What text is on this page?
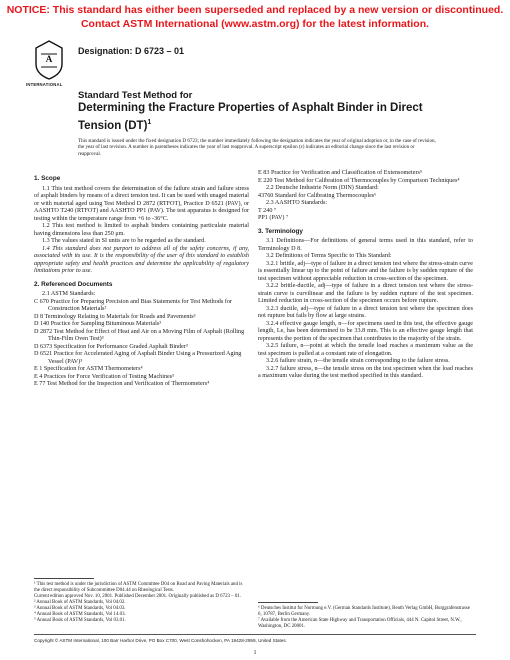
NOTICE: This standard has either been superseded and replaced by a new version or discontinued.
Contact ASTM International (www.astm.org) for the latest information.
A
INTERNATIONAL
Designation: D 6723 – 01
Standard Test Method for
Determining the Fracture Properties of Asphalt Binder in Direct Tension (DT)$^1$
This standard is issued under the fixed designation D 6723; the number immediately following the designation indicates the year of original adoption or, in the case of revision, the year of last revision. A number in parentheses indicates the year of last reapproval. A superscript epsilon (ε) indicates an editorial change since the last revision or reapproval.
1. Scope

1.1 This test method covers the determination of the failure strain and failure stress of asphalt binders by means of a direct tension test. It can be used with unaged material or with material aged using Test Method D 2872 (RTFOT), Practice D 6521 (PAV), or AASHTO T240 (RTFOT) and AASHTO PP1 (PAV). The test apparatus is designed for testing within the temperature range from +6 to -36°C.

1.2 This test method is limited to asphalt binders containing particulate material having dimensions less than 250 μm.

1.3 The values stated in SI units are to be regarded as the standard.

1.4 This standard does not purport to address all of the safety concerns, if any, associated with its use. It is the responsibility of the user of this standard to establish appropriate safety and health practices and determine the applicability of regulatory limitations prior to use.

2. Referenced Documents

2.1 ASTM Standards:

C 670 Practice for Preparing Precision and Bias Statements for Test Methods for Construction Materials²

D 8 Terminology Relating to Materials for Roads and Pavements³

D 140 Practice for Sampling Bituminous Materials³

D 2872 Test Method for Effect of Heat and Air on a Moving Film of Asphalt (Rolling Thin-Film Oven Test)³

D 6373 Specification for Performance Graded Asphalt Binder³

D 6521 Practice for Accelerated Aging of Asphalt Binder Using a Pressurized Aging Vessel (PAV)³

E 1 Specification for ASTM Thermometers⁴

E 4 Practices for Force Verification of Testing Machines⁵

E 77 Test Method for the Inspection and Verification of Thermometers⁴

¹ This test method is under the jurisdiction of ASTM Committee D04 on Road and Paving Materials and is the direct responsibility of Subcommittee D04.44 on Rheological Tests.
Current edition approved Nov. 10, 2001. Published December 2001. Originally published as D 6723 – 01.
² Annual Book of ASTM Standards, Vol 04.02.
³ Annual Book of ASTM Standards, Vol 04.03.
⁴ Annual Book of ASTM Standards, Vol 14.03.
⁵ Annual Book of ASTM Standards, Vol 03.01.

E 83 Practice for Verification and Classification of Extensometers⁵

E 220 Test Method for Calibration of Thermocouples by Comparison Techniques⁴

2.2 Deutsche Industrie Norm (DIN) Standard:

43760 Standard for Calibrating Thermocouples⁶

2.3 AASHTO Standards:

T 240 ⁷

PP1 (PAV) ⁷

3. Terminology

3.1 Definitions—For definitions of general terms used in this standard, refer to Terminology D 8.

3.2 Definitions of Terms Specific to This Standard:

3.2.1 brittle, adj—type of failure in a direct tension test where the stress-strain curve is essentially linear up to the point of failure and the failure is by sudden rupture of the test specimen without appreciable reduction in cross-section of the specimen.

3.2.2 brittle-ductile, adj—type of failure in a direct tension test where the stress-strain curve is curvilinear and the failure is by sudden rupture of the test specimen. Limited reduction in cross-section of the specimen occurs before rupture.

3.2.3 ductile, adj—type of failure in a direct tension test where the specimen does not rupture but fails by flow at large strains.

3.2.4 effective gauge length, n—for specimens used in this test, the effective gauge length, Le, has been determined to be 33.8 mm. This is an effective gauge length that represents the portion of the specimen that contributes to the majority of the strain.

3.2.5 failure, n—point at which the tensile load reaches a maximum value as the test specimen is pulled at a constant rate of elongation.

3.2.6 failure strain, n—the tensile strain corresponding to the failure stress.

3.2.7 failure stress, n—the tensile stress on the test specimen when the load reaches a maximum value during the test method specified in this standard.

⁶ Deutsches Institut fur Normung e.V. (German Standards Institute), Beuth Verlag GmbH, Burggrafenstrasse 6, 10787, Berlin Germany.
⁷ Available from the American State Highway and Transportation Officials, 444 N. Capitol Street, N.W., Washington, DC 20001.
Copyright © ASTM International, 100 Barr Harbor Drive, PO Box C700, West Conshohocken, PA 19428-2959, United States.
1
